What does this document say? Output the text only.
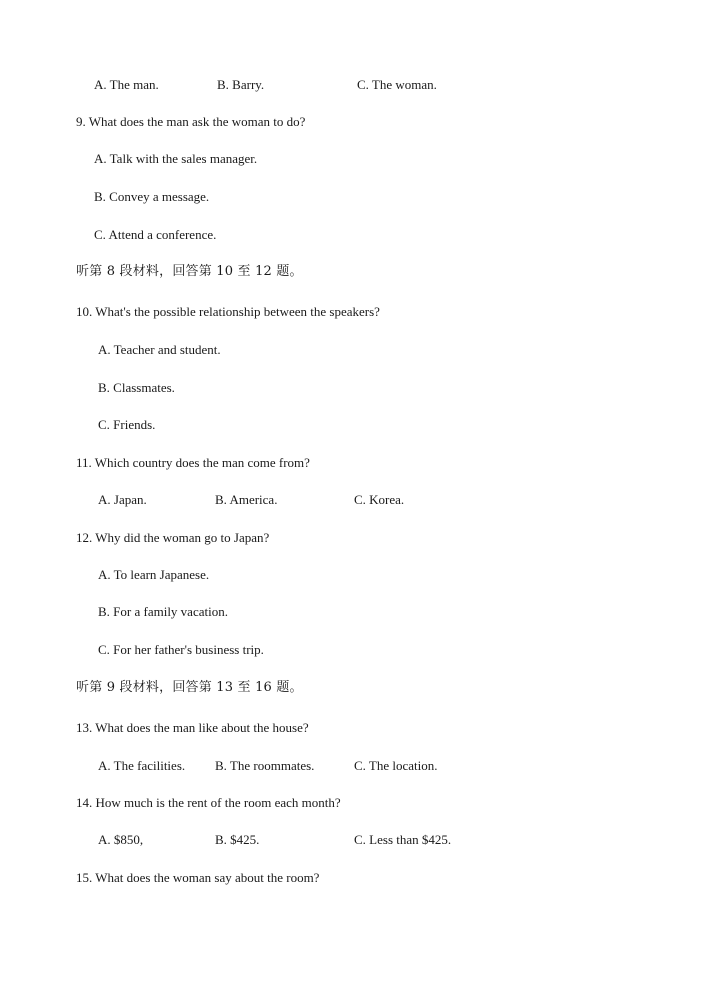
A. The man.	B. Barry.	C. The woman.
9. What does the man ask the woman to do?
A. Talk with the sales manager.
B. Convey a message.
C. Attend a conference.
听第 8 段材料，回答第 10 至 12 题。
10. What's the possible relationship between the speakers?
A. Teacher and student.
B. Classmates.
C. Friends.
11. Which country does the man come from?
A. Japan.	B. America.	C. Korea.
12. Why did the woman go to Japan?
A. To learn Japanese.
B. For a family vacation.
C. For her father's business trip.
听第 9 段材料，回答第 13 至 16 题。
13. What does the man like about the house?
A. The facilities. B. The roommates.	C. The location.
14. How much is the rent of the room each month?
A. $850,	B. $425.	C. Less than $425.
15. What does the woman say about the room?
